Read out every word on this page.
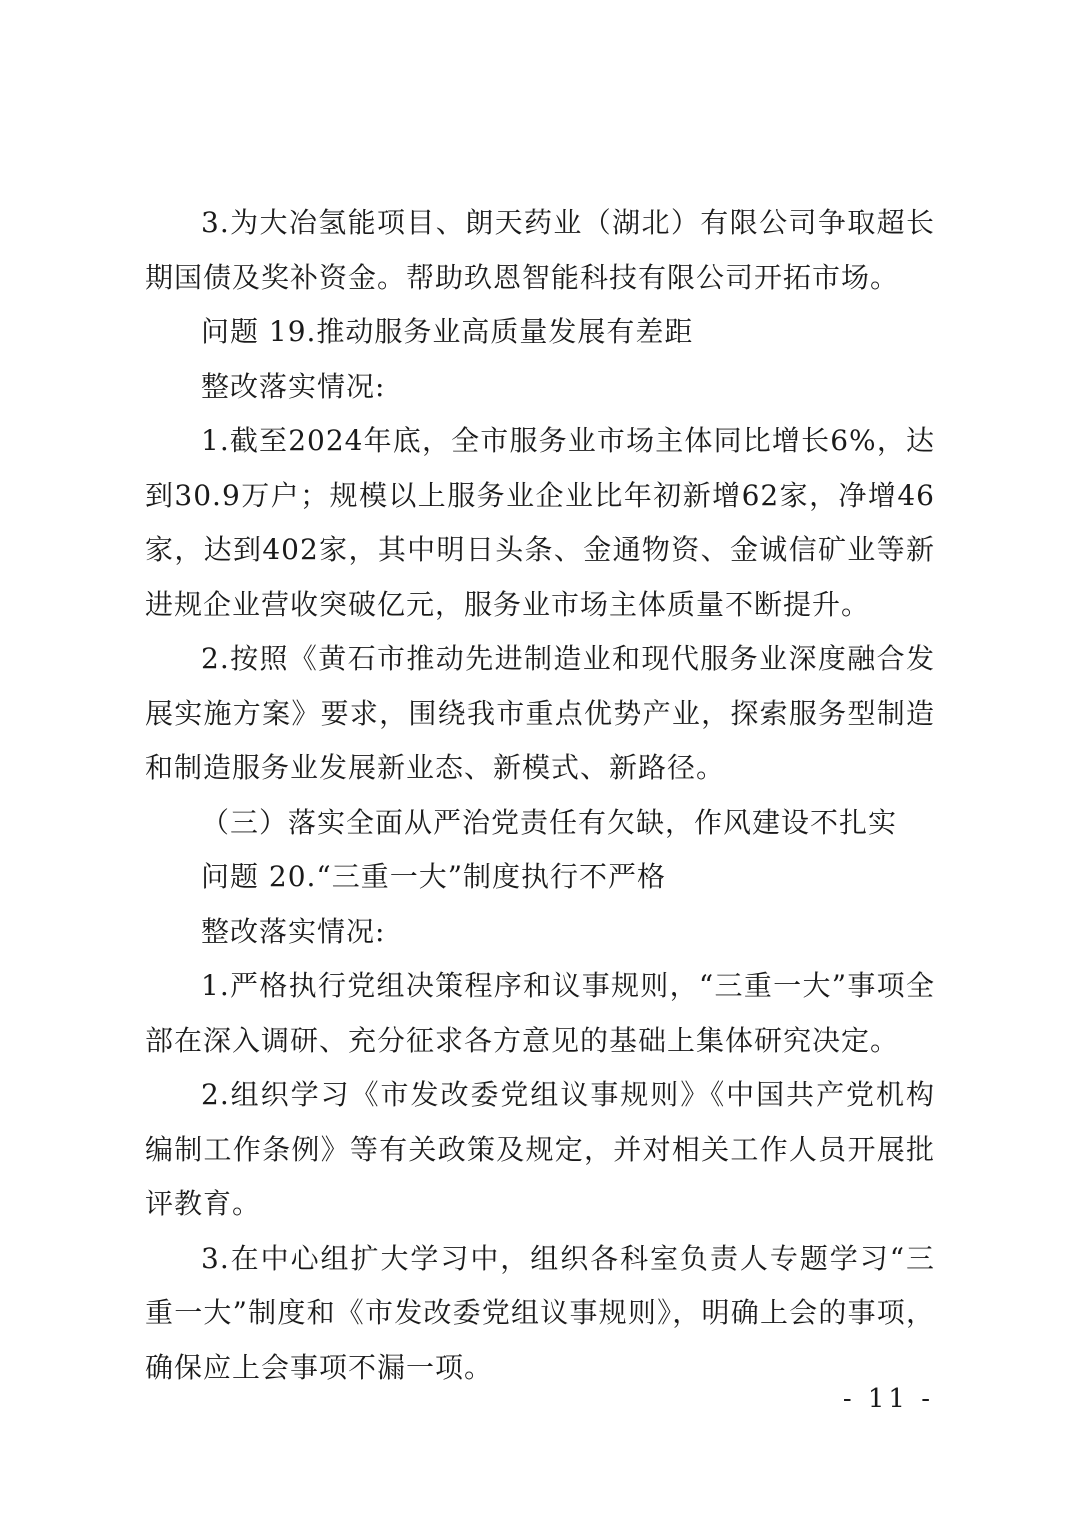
3.为大冶氢能项目、朗天药业（湖北）有限公司争取超长期国债及奖补资金。帮助玖恩智能科技有限公司开拓市场。

问题 19.推动服务业高质量发展有差距

整改落实情况:

1.截至2024年底，全市服务业市场主体同比增长6%，达到30.9万户；规模以上服务业企业比年初新增62家，净增46家，达到402家，其中明日头条、金通物资、金诚信矿业等新进规企业营收突破亿元，服务业市场主体质量不断提升。

2.按照《黄石市推动先进制造业和现代服务业深度融合发展实施方案》要求，围绕我市重点优势产业，探索服务型制造和制造服务业发展新业态、新模式、新路径。

（三）落实全面从严治党责任有欠缺，作风建设不扎实

问题 20.“三重一大”制度执行不严格

整改落实情况:

1.严格执行党组决策程序和议事规则，“三重一大”事项全部在深入调研、充分征求各方意见的基础上集体研究决定。

2.组织学习《市发改委党组议事规则》《中国共产党机构编制工作条例》等有关政策及规定，并对相关工作人员开展批评教育。

3.在中心组扩大学习中，组织各科室负责人专题学习“三重一大”制度和《市发改委党组议事规则》，明确上会的事项，确保应上会事项不漏一项。

- 11 -
